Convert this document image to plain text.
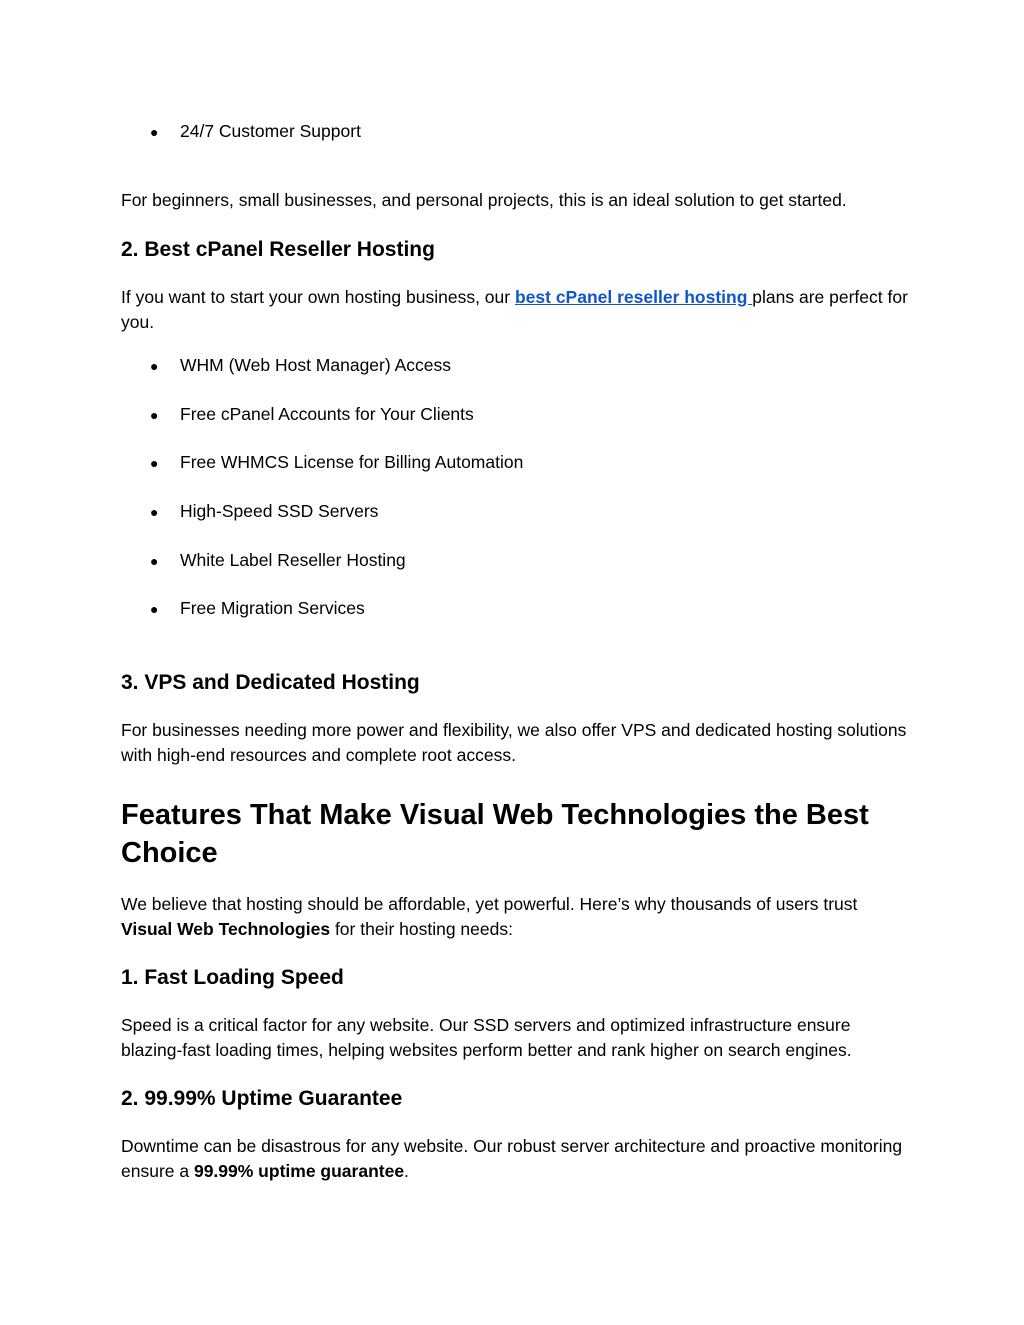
● 24/7 Customer Support
For beginners, small businesses, and personal projects, this is an ideal solution to get started.
2. Best cPanel Reseller Hosting
If you want to start your own hosting business, our best cPanel reseller hosting plans are perfect for you.
● WHM (Web Host Manager) Access
● Free cPanel Accounts for Your Clients
● Free WHMCS License for Billing Automation
● High-Speed SSD Servers
● White Label Reseller Hosting
● Free Migration Services
3. VPS and Dedicated Hosting
For businesses needing more power and flexibility, we also offer VPS and dedicated hosting solutions with high-end resources and complete root access.
Features That Make Visual Web Technologies the Best Choice
We believe that hosting should be affordable, yet powerful. Here’s why thousands of users trust Visual Web Technologies for their hosting needs:
1. Fast Loading Speed
Speed is a critical factor for any website. Our SSD servers and optimized infrastructure ensure blazing-fast loading times, helping websites perform better and rank higher on search engines.
2. 99.99% Uptime Guarantee
Downtime can be disastrous for any website. Our robust server architecture and proactive monitoring ensure a 99.99% uptime guarantee.
